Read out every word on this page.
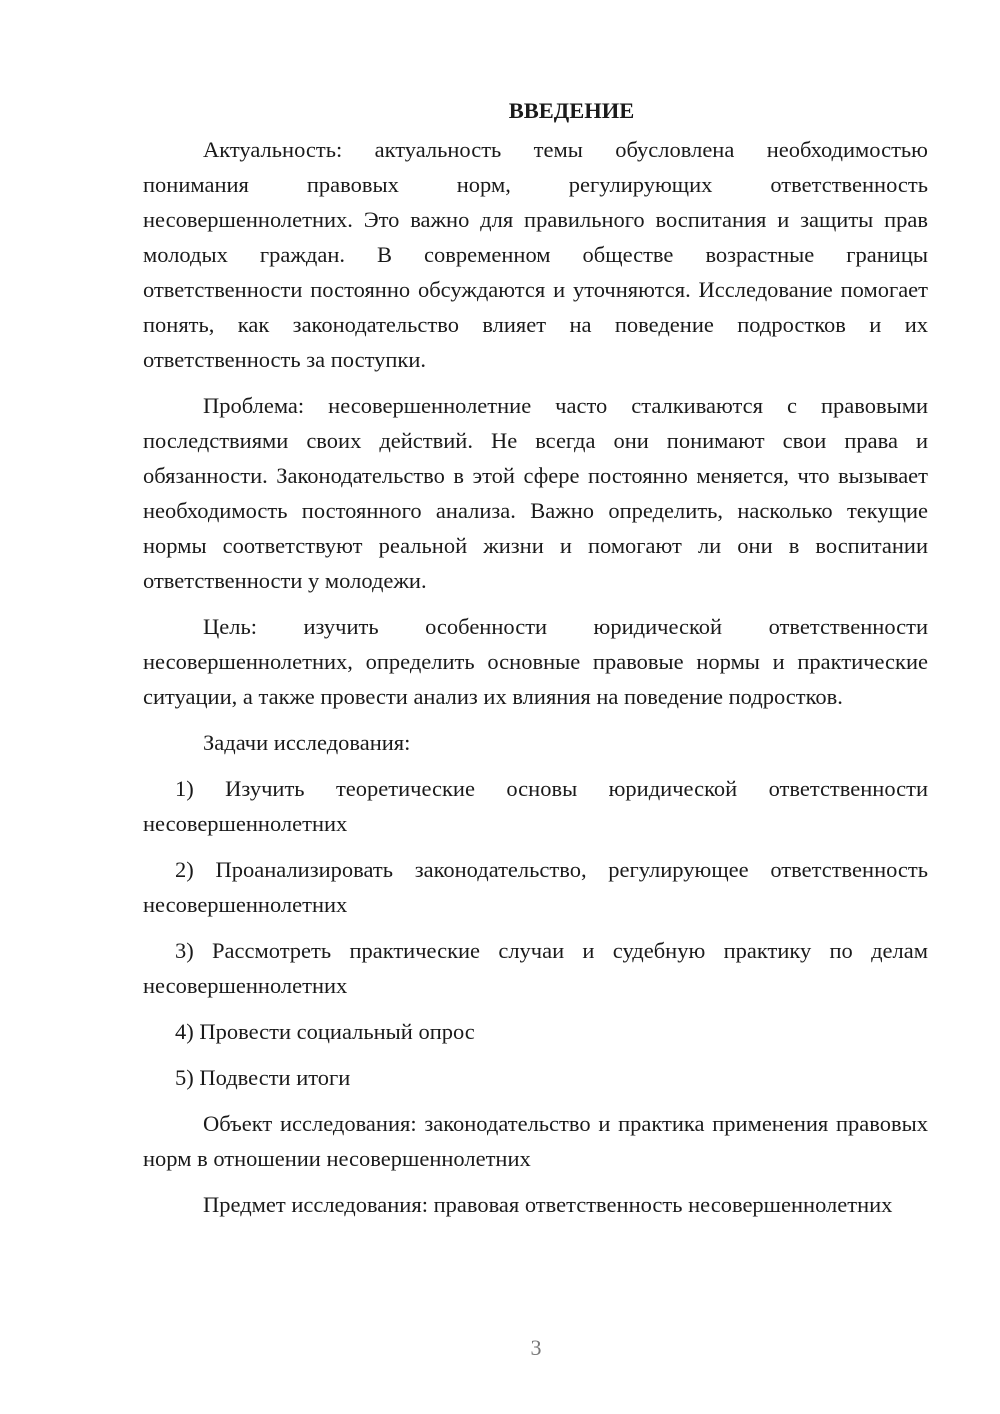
ВВЕДЕНИЕ

Актуальность: актуальность темы обусловлена необходимостью понимания правовых норм, регулирующих ответственность несовершеннолетних. Это важно для правильного воспитания и защиты прав молодых граждан. В современном обществе возрастные границы ответственности постоянно обсуждаются и уточняются. Исследование помогает понять, как законодательство влияет на поведение подростков и их ответственность за поступки.

Проблема: несовершеннолетние часто сталкиваются с правовыми последствиями своих действий. Не всегда они понимают свои права и обязанности. Законодательство в этой сфере постоянно меняется, что вызывает необходимость постоянного анализа. Важно определить, насколько текущие нормы соответствуют реальной жизни и помогают ли они в воспитании ответственности у молодежи.

Цель: изучить особенности юридической ответственности несовершеннолетних, определить основные правовые нормы и практические ситуации, а также провести анализ их влияния на поведение подростков.

Задачи исследования:

1) Изучить теоретические основы юридической ответственности несовершеннолетних

2) Проанализировать законодательство, регулирующее ответственность несовершеннолетних

3) Рассмотреть практические случаи и судебную практику по делам несовершеннолетних

4) Провести социальный опрос

5) Подвести итоги

Объект исследования: законодательство и практика применения правовых норм в отношении несовершеннолетних

Предмет исследования: правовая ответственность несовершеннолетних

3
